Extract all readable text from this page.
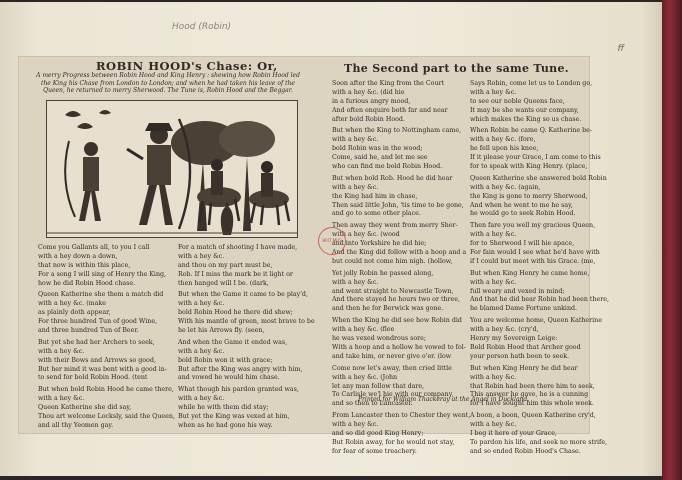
Hood (Robin)
ff
ROBIN HOOD's Chase: Or,

A merry Progress between Robin Hood and King Henry : shewing how Robin Hood led the King his Chase from London to London; and when he had taken his leave of the Queen, he returned to merry Sherwood. The Tune is, Robin Hood and the Beggar.

The Second part to the same Tune.
Come you Gallants all, to you I call
with a hey down a down,
that now is within this place,
For a song I will sing of Henry the King,
how he did Robin Hood chase.
Queen Katherine she them a match did
with a hey &c. (make
as plainly doth appear,
For three hundred Tun of good Wine,
and three hundred Tun of Beer.
But yet she had her Archers to seek,
with a hey &c.
with their Bows and Arrows so good,
But her mind it was bent with a good in-
to send for bold Robin Hood. (tent
But when bold Robin Hood he came there,
with a hey &c.
Queen Katherine she did say,
Thou art welcome Locksly, said the Queen,
and all thy Yeomen gay.
For a match of shooting I have made,
with a hey &c.
and thou on my part must be,
Rob. If I miss the mark be it light or
then hanged will I be. (dark,
But when the Game it came to be play'd,
with a hey &c.
bold Robin Hood he there did shew;
With his mantle of green, most brave to be
he let his Arrows fly. (seen,
And when the Game it ended was,
with a hey &c.
bold Robin won it with grace;
But after the King was angry with him,
and vowed he would him chase.
What though his pardon granted was,
with a hey &c.
while he with them did stay;
But yet the King was vexed at him,
when as he had gone his way.
Soon after the King from the Court
with a hey &c. (did hie
in a furious angry mood,
And often enquire both far and near
after bold Robin Hood.
But when the King to Nottingham came,
with a hey &c.
bold Robin was in the wood;
Come, said he, and let me see
who can find me bold Robin Hood.
But when bold Rob. Hood he did hear
with a hey &c.
the King had him in chase,
Then said little John, 'tis time to be gone,
and go to some other place.
Then away they went from merry Sher-
with a hey &c. (wood
and into Yorkshire he did hie;
And the King did follow with a hoop and a
but could not come him nigh. (hollow,
Yet jolly Robin he passed along,
with a hey &c.
and went straight to Newcastle Town,
And there stayed he hours two or three,
and then he for Berwick was gone.
When the King he did see how Robin did
with a hey &c. (flee
he was vexed wondrous sore;
With a hoop and a hollow he vowed to fol-
and take him, or never give o'er. (low
Come now let's away, then cried little
with a hey &c. (John
let any man follow that dare,
To Carlisle we'l hie with our company,
and so then to Lancaster.
From Lancaster then to Chester they went,
with a hey &c.
and so did good King Henry;
But Robin away, for he would not stay,
for fear of some treachery.
Says Robin, come let us to London go,
with a hey &c.
to see our noble Queens face,
It may be she wants our company,
which makes the King so us chase.
When Robin he came Q. Katherine be-
with a hey &c. (fore,
he fell upon his knee,
If it please your Grace, I am come to this
for to speak with King Henry. (place,
Queen Katherine she answered bold Robin
with a hey &c. (again,
the King is gone to merry Sherwood,
And when he went to me he say,
he would go to seek Robin Hood.
Then fare you well my gracious Queen,
with a hey &c.
for to Sherwood I will hie apace,
For fain would I see what he'd have with
if I could but meet with his Grace. (me,
But when King Henry he came home,
with a hey &c.
full weary and vexed in mind;
And that he did hear Robin had been there,
he blamed Dame Fortune unkind.
You are welcome home, Queen Katherine
with a hey &c. (cry'd,
Henry my Sovereign Leige:
Bold Robin Hood that Archer good
your person hath been to seek.
But when King Henry he did hear
with a hey &c.
that Robin had been there him to seek,
This answer he gave, he is a cunning
for I have sought him this whole week.
A boon, a boon, Queen Katherine cry'd,
with a hey &c.
I beg it here of your Grace,
To pardon his life, and seek no more strife,
and so ended Robin Hood's Chase.
BRIT MUS

Printed for William Thackeray at the Angel in Duckland.
